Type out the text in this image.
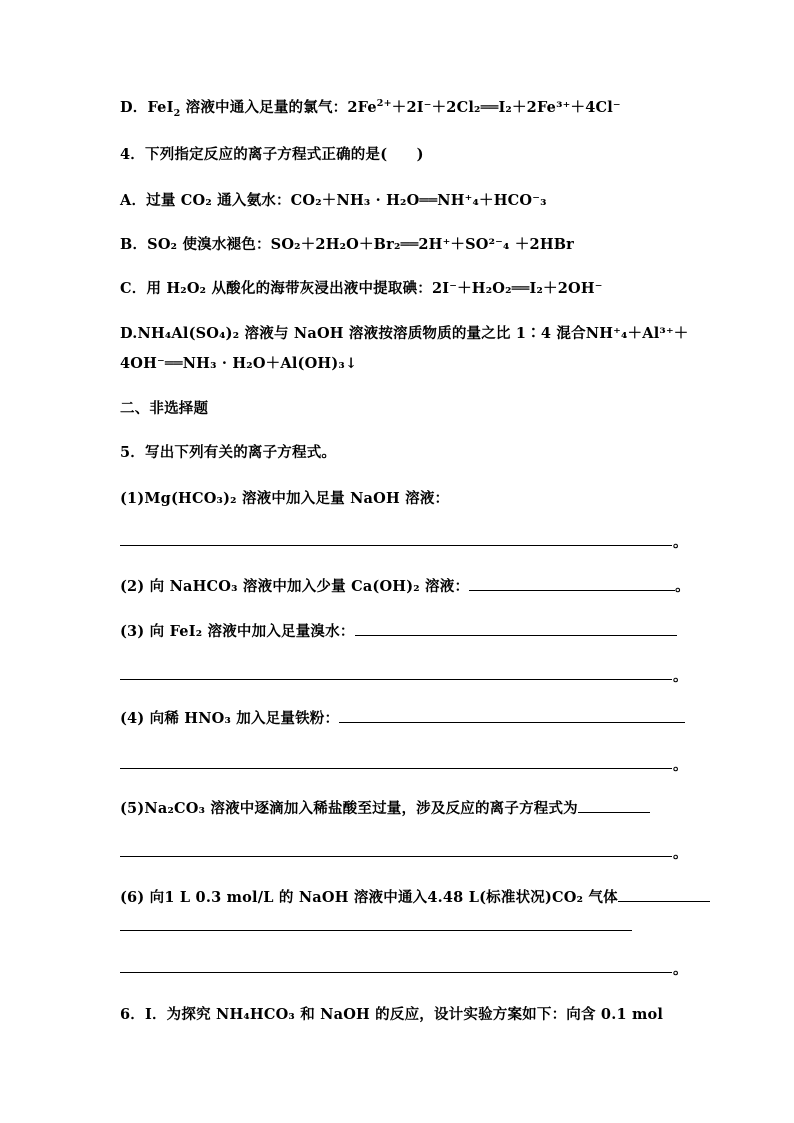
D．FeI$_2$ 溶液中通入足量的氯气：$2Fe^{2+}+2I^-+2Cl_2══I_2+2Fe^{3+}+4Cl^-$
4．下列指定反应的离子方程式正确的是(　　)
A．过量 CO₂ 通入氨水：CO₂＋NH₃ · H₂O══NH⁺₄＋HCO⁻₃
B．SO₂ 使溴水褪色：SO₂＋2H₂O＋Br₂══2H⁺＋SO²⁻₄ ＋2HBr
C．用 H₂O₂ 从酸化的海带灰浸出液中提取碘：2I⁻＋H₂O₂══I₂＋2OH⁻
D.NH₄Al(SO₄)₂ 溶液与 NaOH 溶液按溶质物质的量之比 1∶4 混合NH⁺₄＋Al³⁺＋
4OH⁻══NH₃ · H₂O＋Al(OH)₃↓
二、非选择题
5．写出下列有关的离子方程式。
(1)Mg(HCO₃)₂ 溶液中加入足量 NaOH 溶液：
。
(2) 向 NaHCO₃ 溶液中加入少量 Ca(OH)₂ 溶液：	。
(3) 向 FeI₂ 溶液中加入足量溴水：
。
(4) 向稀 HNO₃ 加入足量铁粉：
。
(5)Na₂CO₃ 溶液中逐滴加入稀盐酸至过量，涉及反应的离子方程式为
。
(6) 向1 L 0.3 mol/L 的 NaOH 溶液中通入4.48 L(标准状况)CO₂ 气体
。
6．Ⅰ．为探究 NH₄HCO₃ 和 NaOH 的反应，设计实验方案如下：向含 0.1 mol
